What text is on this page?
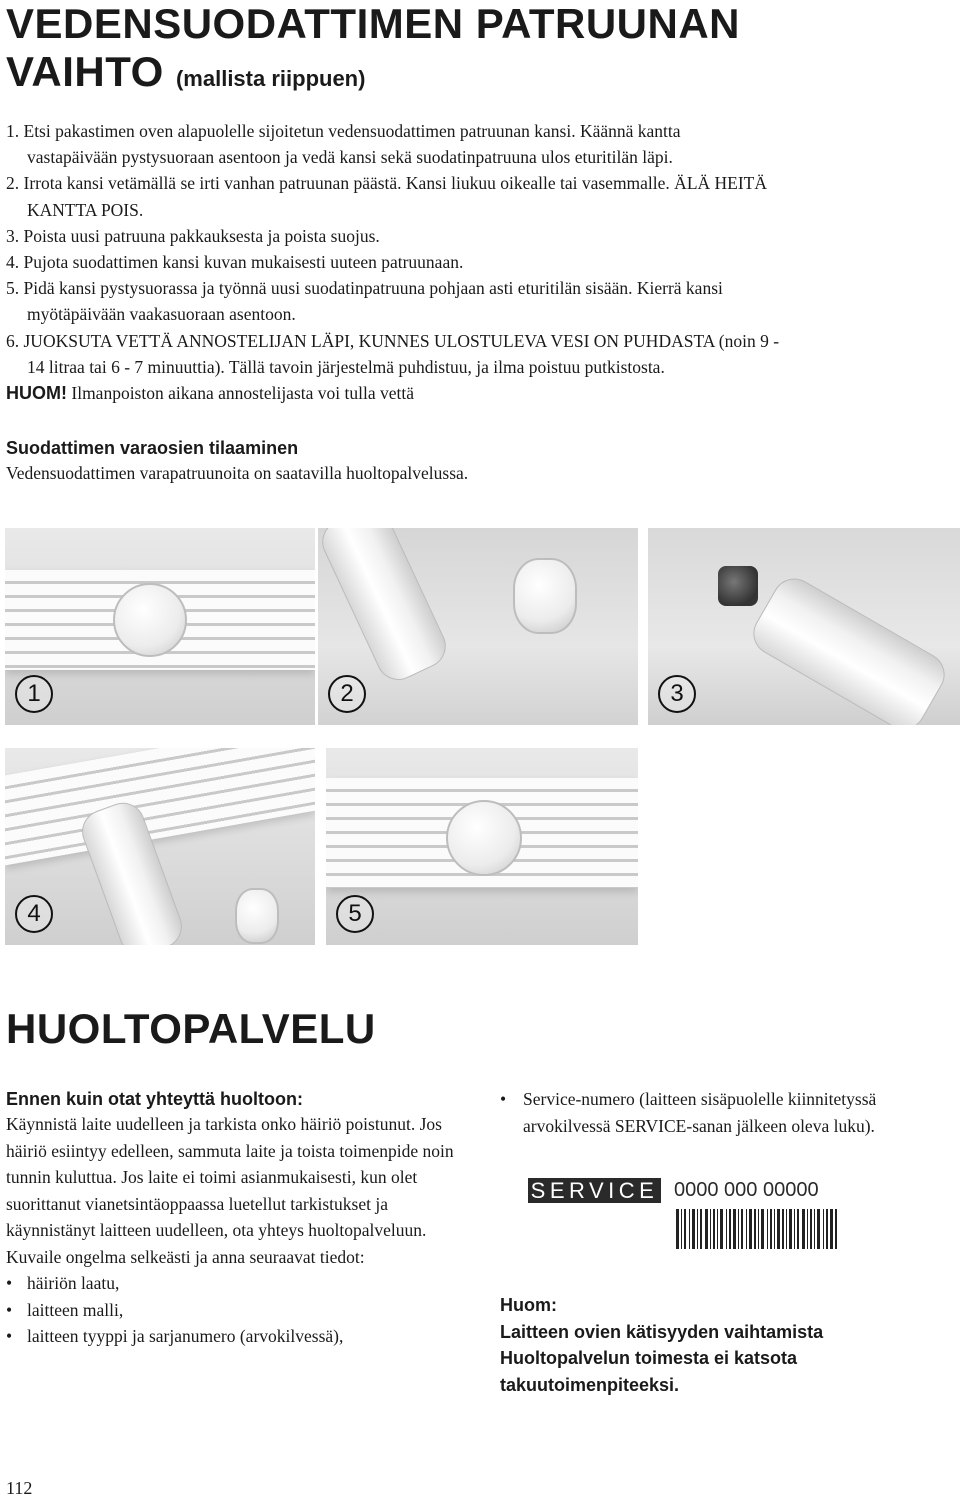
VEDENSUODATTIMEN PATRUUNAN
VAIHTO (mallista riippuen)

1. Etsi pakastimen oven alapuolelle sijoitetun vedensuodattimen patruunan kansi. Käännä kantta
vastapäivään pystysuoraan asentoon ja vedä kansi sekä suodatinpatruuna ulos eturitilän läpi.

2. Irrota kansi vetämällä se irti vanhan patruunan päästä. Kansi liukuu oikealle tai vasemmalle. ÄLÄ HEITÄ
KANTTA POIS.

3. Poista uusi patruuna pakkauksesta ja poista suojus.

4. Pujota suodattimen kansi kuvan mukaisesti uuteen patruunaan.

5. Pidä kansi pystysuorassa ja työnnä uusi suodatinpatruuna pohjaan asti eturitilän sisään. Kierrä kansi
myötäpäivään vaakasuoraan asentoon.

6. JUOKSUTA VETTÄ ANNOSTELIJAN LÄPI, KUNNES ULOSTULEVA VESI ON PUHDASTA (noin 9 -
14 litraa tai 6 - 7 minuuttia). Tällä tavoin järjestelmä puhdistuu, ja ilma poistuu putkistosta.

HUOM! Ilmanpoiston aikana annostelijasta voi tulla vettä

Suodattimen varaosien tilaaminen
Vedensuodattimen varapatruunoita on saatavilla huoltopalvelussa.
1	2	3
4	5
HUOLTOPALVELU
Ennen kuin otat yhteyttä huoltoon:
Käynnistä laite uudelleen ja tarkista onko häiriö poistunut. Jos häiriö esiintyy edelleen, sammuta laite ja toista toimenpide noin tunnin kuluttua. Jos laite ei toimi asianmukaisesti, kun olet suorittanut vianetsintäoppaassa luetellut tarkistukset ja käynnistänyt laitteen uudelleen, ota yhteys huoltopalveluun. Kuvaile ongelma selkeästi ja anna seuraavat tiedot:
• häiriön laatu,
• laitteen malli,
• laitteen tyyppi ja sarjanumero (arvokilvessä),
• Service-numero (laitteen sisäpuolelle kiinnitetyssä arvokilvessä SERVICE-sanan jälkeen oleva luku).
SERVICE 0000 000 00000
Huom:
Laitteen ovien kätisyyden vaihtamista Huoltopalvelun toimesta ei katsota takuutoimenpiteeksi.
112
